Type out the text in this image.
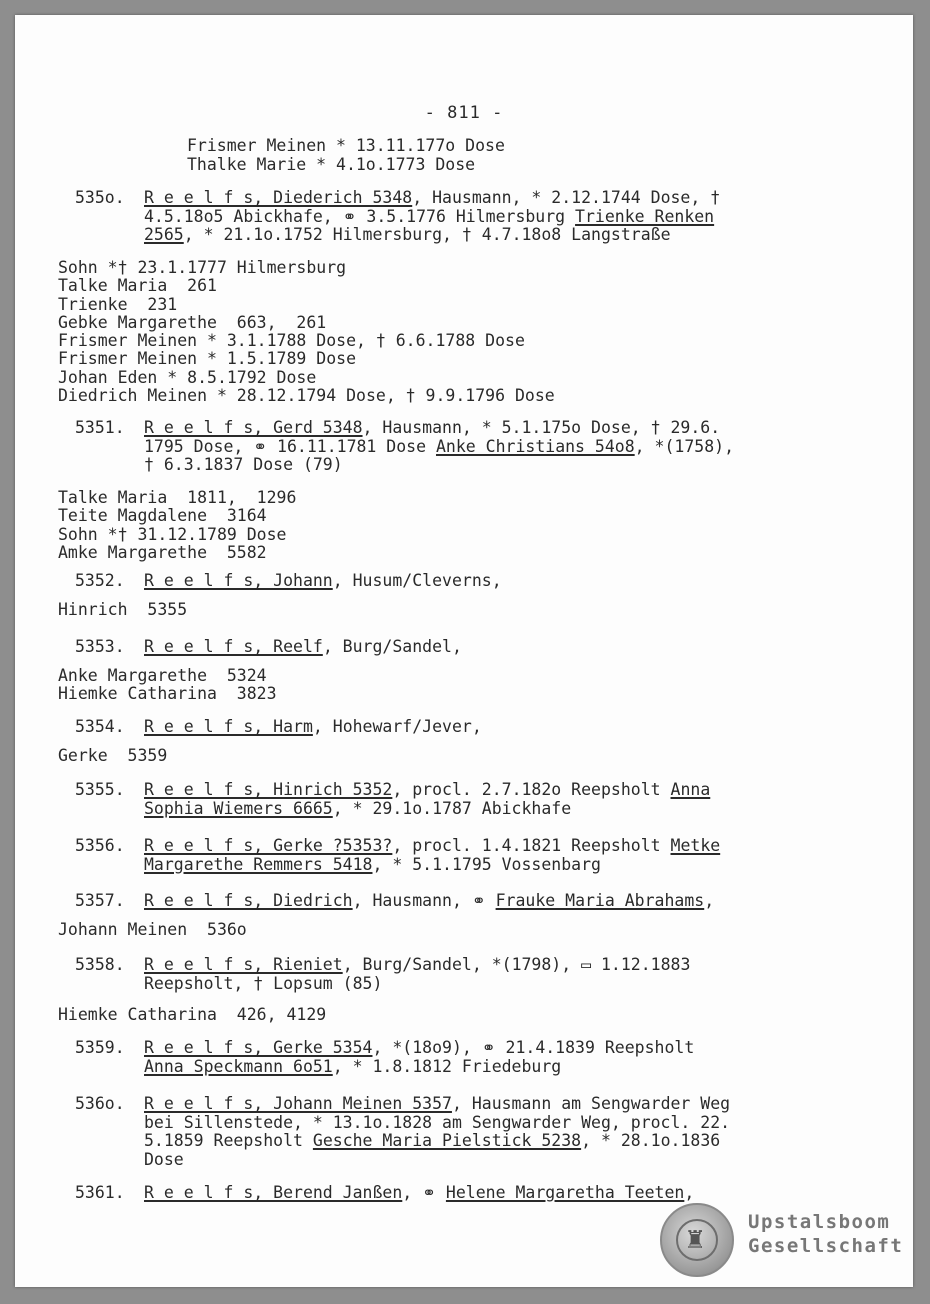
- 811 -
Frismer Meinen * 13.11.177o Dose
Thalke Marie * 4.1o.1773 Dose
535o. R e e l f s, Diederich 5348, Hausmann, * 2.12.1744 Dose, †
4.5.18o5 Abickhafe, ⚭ 3.5.1776 Hilmersburg Trienke Renken
2565, * 21.1o.1752 Hilmersburg, † 4.7.18o8 Langstraße
Sohn *† 23.1.1777 Hilmersburg
Talke Maria  261
Trienke  231
Gebke Margarethe  663,  261
Frismer Meinen * 3.1.1788 Dose, † 6.6.1788 Dose
Frismer Meinen * 1.5.1789 Dose
Johan Eden * 8.5.1792 Dose
Diedrich Meinen * 28.12.1794 Dose, † 9.9.1796 Dose
5351. R e e l f s, Gerd 5348, Hausmann, * 5.1.175o Dose, † 29.6.
1795 Dose, ⚭ 16.11.1781 Dose Anke Christians 54o8, *(1758),
† 6.3.1837 Dose (79)
Talke Maria  1811,  1296
Teite Magdalene  3164
Sohn *† 31.12.1789 Dose
Amke Margarethe  5582
5352. R e e l f s, Johann, Husum/Cleverns,
Hinrich  5355
5353. R e e l f s, Reelf, Burg/Sandel,
Anke Margarethe  5324
Hiemke Catharina  3823
5354. R e e l f s, Harm, Hohewarf/Jever,
Gerke  5359
5355. R e e l f s, Hinrich 5352, procl. 2.7.182o Reepsholt Anna
Sophia Wiemers 6665, * 29.1o.1787 Abickhafe
5356. R e e l f s, Gerke ?5353?, procl. 1.4.1821 Reepsholt Metke
Margarethe Remmers 5418, * 5.1.1795 Vossenbarg
5357. R e e l f s, Diedrich, Hausmann, ⚭ Frauke Maria Abrahams,
Johann Meinen  536o
5358. R e e l f s, Rieniet, Burg/Sandel, *(1798), ▭ 1.12.1883
Reepsholt, † Lopsum (85)
Hiemke Catharina  426, 4129
5359. R e e l f s, Gerke 5354, *(18o9), ⚭ 21.4.1839 Reepsholt
Anna Speckmann 6o51, * 1.8.1812 Friedeburg
536o. R e e l f s, Johann Meinen 5357, Hausmann am Sengwarder Weg
bei Sillenstede, * 13.1o.1828 am Sengwarder Weg, procl. 22.
5.1859 Reepsholt Gesche Maria Pielstick 5238, * 28.1o.1836
Dose
5361. R e e l f s, Berend Janßen, ⚭ Helene Margaretha Teeten,
♜ Upstalsboom
Gesellschaft
